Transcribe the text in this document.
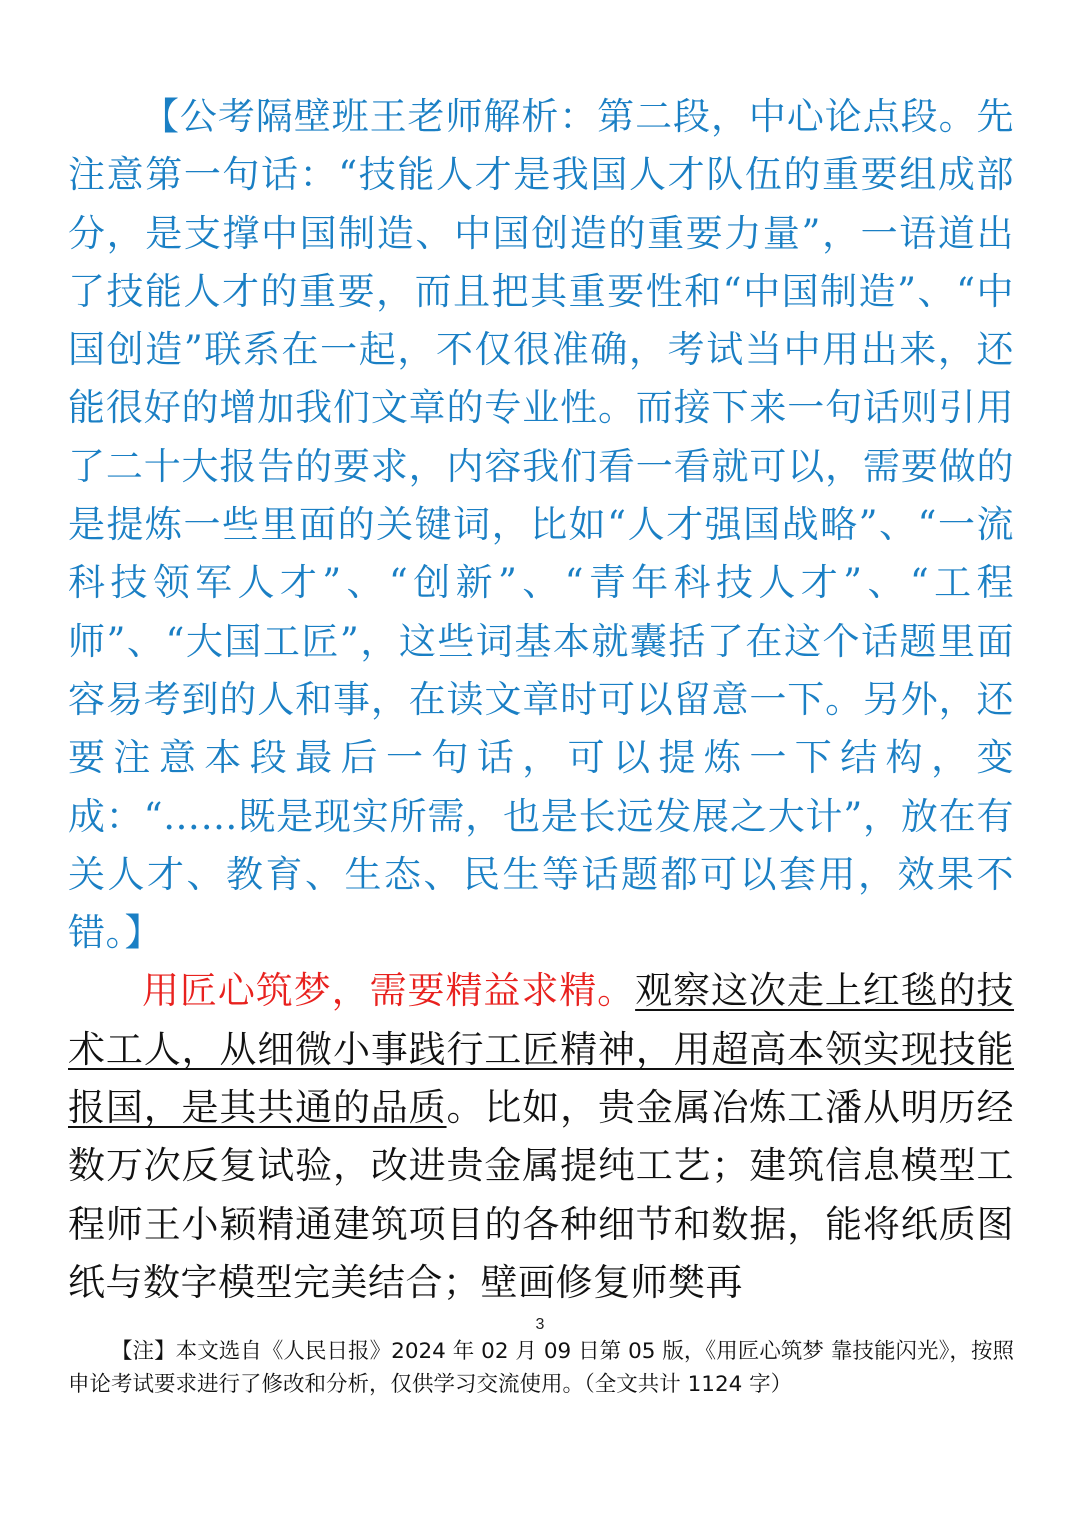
【公考隔壁班王老师解析：第二段，中心论点段。先注意第一句话：“技能人才是我国人才队伍的重要组成部分，是支撑中国制造、中国创造的重要力量”，一语道出了技能人才的重要，而且把其重要性和“中国制造”、“中国创造”联系在一起，不仅很准确，考试当中用出来，还能很好的增加我们文章的专业性。而接下来一句话则引用了二十大报告的要求，内容我们看一看就可以，需要做的是提炼一些里面的关键词，比如“人才强国战略”、“一流科技领军人才”、“创新”、“青年科技人才”、“工程师”、“大国工匠”，这些词基本就囊括了在这个话题里面容易考到的人和事，在读文章时可以留意一下。另外，还要注意本段最后一句话，可以提炼一下结构，变成：“……既是现实所需，也是长远发展之大计”，放在有关人才、教育、生态、民生等话题都可以套用，效果不错。】

用匠心筑梦，需要精益求精。观察这次走上红毯的技术工人，从细微小事践行工匠精神，用超高本领实现技能报国，是其共通的品质。比如，贵金属冶炼工潘从明历经数万次反复试验，改进贵金属提纯工艺；建筑信息模型工程师王小颖精通建筑项目的各种细节和数据，能将纸质图纸与数字模型完美结合；壁画修复师樊再

3
【注】本文选自《人民日报》2024 年 02 月 09 日第 05 版，《用匠心筑梦 靠技能闪光》，按照申论考试要求进行了修改和分析，仅供学习交流使用。（全文共计 1124 字）
